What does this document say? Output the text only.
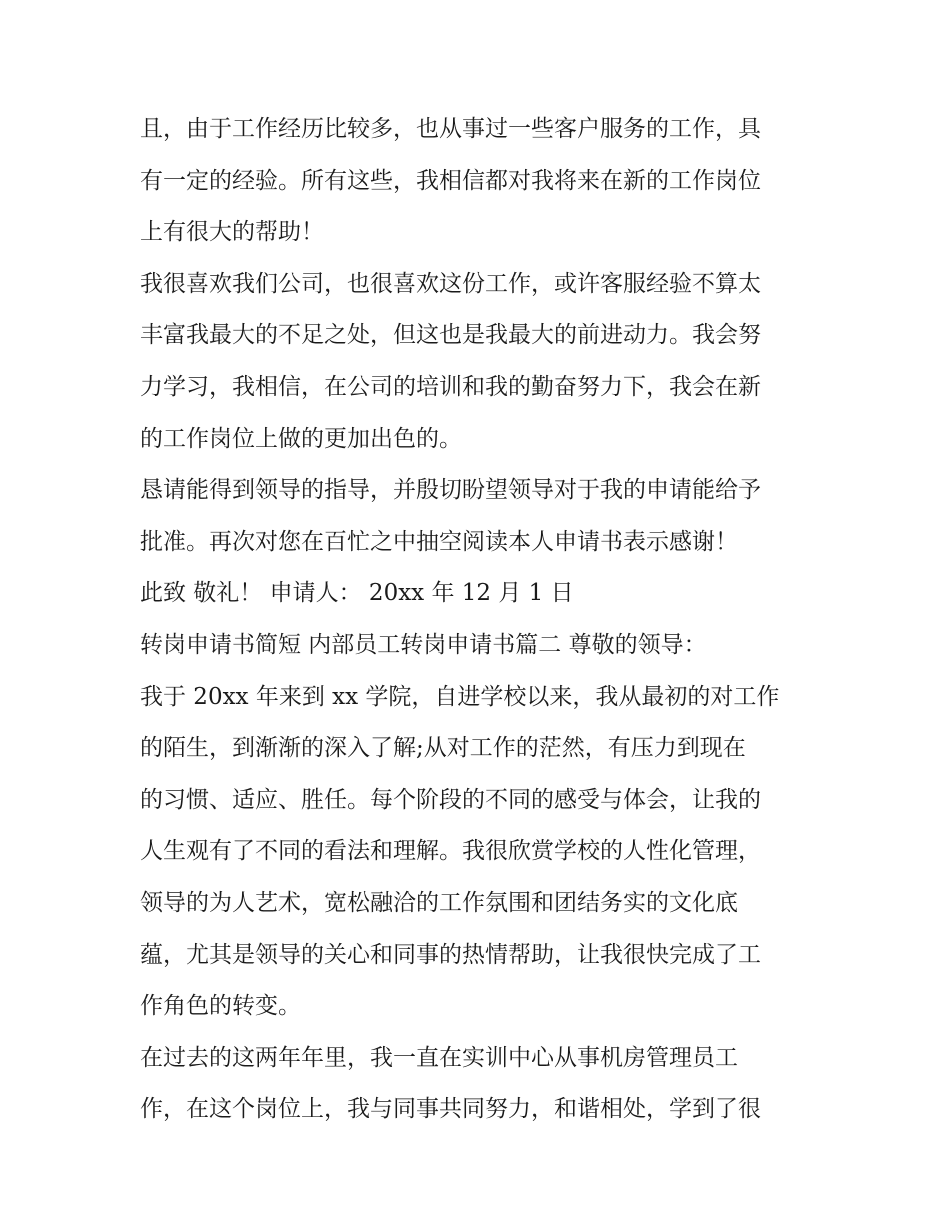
且，由于工作经历比较多，也从事过一些客户服务的工作，具
有一定的经验。所有这些，我相信都对我将来在新的工作岗位
上有很大的帮助！
我很喜欢我们公司，也很喜欢这份工作，或许客服经验不算太
丰富我最大的不足之处，但这也是我最大的前进动力。我会努
力学习，我相信，在公司的培训和我的勤奋努力下，我会在新
的工作岗位上做的更加出色的。
恳请能得到领导的指导，并殷切盼望领导对于我的申请能给予
批准。再次对您在百忙之中抽空阅读本人申请书表示感谢！
此致 敬礼！ 申请人： 20xx 年 12 月 1 日
转岗申请书简短 内部员工转岗申请书篇二 尊敬的领导：
我于 20xx 年来到 xx 学院，自进学校以来，我从最初的对工作
的陌生，到渐渐的深入了解;从对工作的茫然，有压力到现在
的习惯、适应、胜任。每个阶段的不同的感受与体会，让我的
人生观有了不同的看法和理解。我很欣赏学校的人性化管理，
领导的为人艺术，宽松融洽的工作氛围和团结务实的文化底
蕴，尤其是领导的关心和同事的热情帮助，让我很快完成了工
作角色的转变。
在过去的这两年年里，我一直在实训中心从事机房管理员工
作，在这个岗位上，我与同事共同努力，和谐相处，学到了很
